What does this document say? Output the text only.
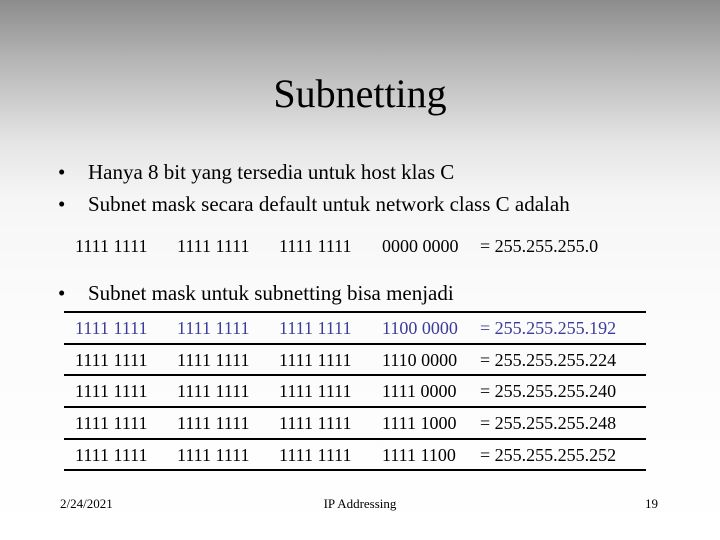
Subnetting
• Hanya 8 bit yang tersedia untuk host klas C
• Subnet mask secara default untuk network class C adalah
• Subnet mask untuk subnetting bisa menjadi
1111 1111 1111 1111 1111 1111 0000 0000 = 255.255.255.0
1111 1111 1111 1111 1111 1111 1100 0000 = 255.255.255.192
1111 1111 1111 1111 1111 1111 1110 0000 = 255.255.255.224
1111 1111 1111 1111 1111 1111 1111 0000 = 255.255.255.240
1111 1111 1111 1111 1111 1111 1111 1000 = 255.255.255.248
1111 1111 1111 1111 1111 1111 1111 1100 = 255.255.255.252
2/24/2021	IP Addressing	19
